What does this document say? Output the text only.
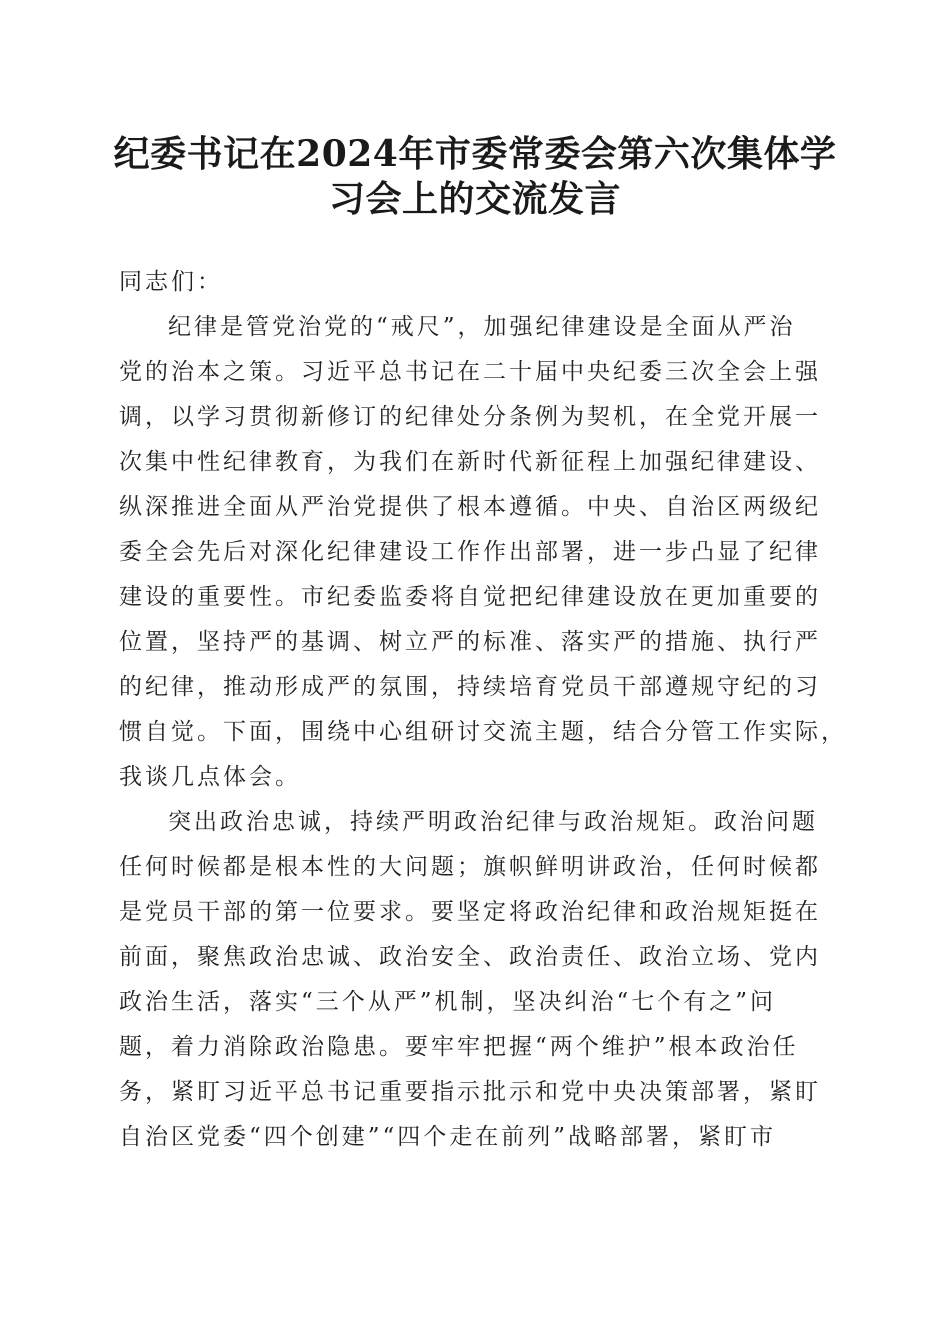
纪委书记在2024年市委常委会第六次集体学
习会上的交流发言
同志们：
纪律是管党治党的“戒尺”，加强纪律建设是全面从严治
党的治本之策。习近平总书记在二十届中央纪委三次全会上强
调，以学习贯彻新修订的纪律处分条例为契机，在全党开展一
次集中性纪律教育，为我们在新时代新征程上加强纪律建设、
纵深推进全面从严治党提供了根本遵循。中央、自治区两级纪
委全会先后对深化纪律建设工作作出部署，进一步凸显了纪律
建设的重要性。市纪委监委将自觉把纪律建设放在更加重要的
位置，坚持严的基调、树立严的标准、落实严的措施、执行严
的纪律，推动形成严的氛围，持续培育党员干部遵规守纪的习
惯自觉。下面，围绕中心组研讨交流主题，结合分管工作实际，
我谈几点体会。
突出政治忠诚，持续严明政治纪律与政治规矩。政治问题
任何时候都是根本性的大问题；旗帜鲜明讲政治，任何时候都
是党员干部的第一位要求。要坚定将政治纪律和政治规矩挺在
前面，聚焦政治忠诚、政治安全、政治责任、政治立场、党内
政治生活，落实“三个从严”机制，坚决纠治“七个有之”问
题，着力消除政治隐患。要牢牢把握“两个维护”根本政治任
务，紧盯习近平总书记重要指示批示和党中央决策部署，紧盯
自治区党委“四个创建”“四个走在前列”战略部署，紧盯市
